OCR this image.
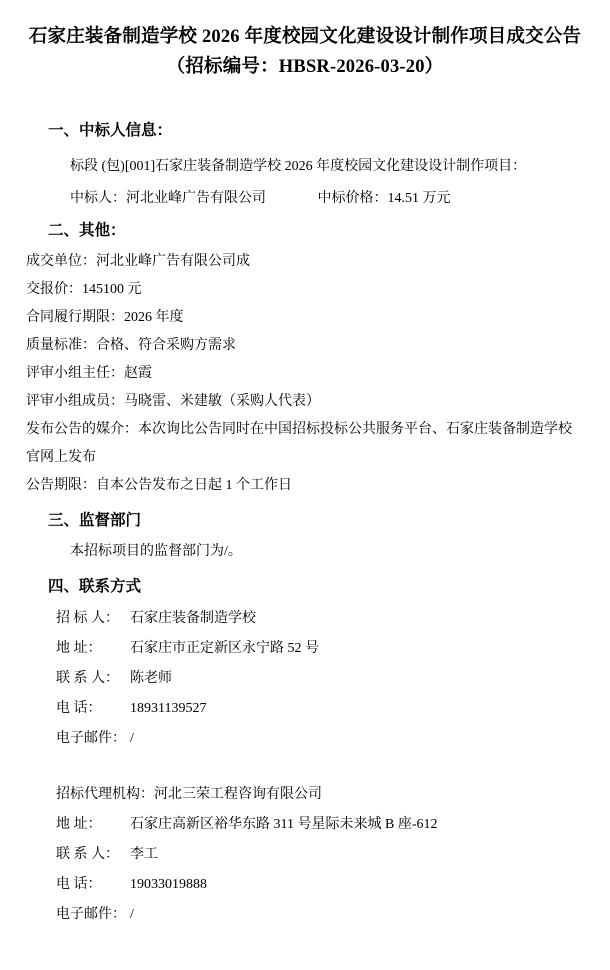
石家庄装备制造学校 2026 年度校园文化建设设计制作项目成交公告
（招标编号：HBSR-2026-03-20）
一、中标人信息：
标段 (包)[001]石家庄装备制造学校 2026 年度校园文化建设设计制作项目：
中标人：河北业峰广告有限公司	中标价格：14.51 万元
二、其他：
成交单位：河北业峰广告有限公司成
交报价：145100 元
合同履行期限：2026 年度
质量标准：合格、符合采购方需求
评审小组主任：赵霞
评审小组成员：马晓雷、米建敏（采购人代表）
发布公告的媒介：本次询比公告同时在中国招标投标公共服务平台、石家庄装备制造学校官网上发布
公告期限：自本公告发布之日起 1 个工作日
三、监督部门
本招标项目的监督部门为/。
四、联系方式
招 标 人： 石家庄装备制造学校
地 址： 石家庄市正定新区永宁路 52 号
联 系 人： 陈老师
电 话： 18931139527
电子邮件： /
招标代理机构：河北三荣工程咨询有限公司
地 址： 石家庄高新区裕华东路 311 号星际未来城 B 座-612
联 系 人： 李工
电 话： 19033019888
电子邮件： /
